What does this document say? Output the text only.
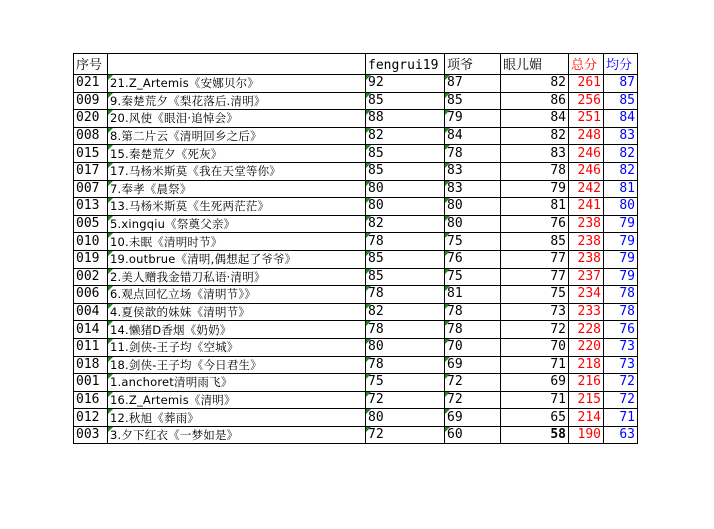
序号		fengrui19	项爷	眼儿媚	总分	均分
021	21.Z_Artemis《安娜贝尔》	92	87	82	261	87
009	9.秦楚荒夕《梨花落后.清明》	85	85	86	256	85
020	20.风使《眼泪·追悼会》	88	79	84	251	84
008	8.第二片云《清明回乡之后》	82	84	82	248	83
015	15.秦楚荒夕《死灰》	85	78	83	246	82
017	17.马杨米斯莫《我在天堂等你》	85	83	78	246	82
007	7.奉孝《晨祭》	80	83	79	242	81
013	13.马杨米斯莫《生死两茫茫》	80	80	81	241	80
005	5.xingqiu《祭奠父亲》	82	80	76	238	79
010	10.未眠《清明时节》	78	75	85	238	79
019	19.outbrue《清明,偶想起了爷爷》	85	76	77	238	79
002	2.美人赠我金错刀私语·清明》	85	75	77	237	79
006	6.观点回忆立场《清明节》》	78	81	75	234	78
004	4.夏侯歆的妹妹《清明节》	82	78	73	233	78
014	14.懒猪D香烟《奶奶》	78	78	72	228	76
011	11.剑侠-王子均《空城》	80	70	70	220	73
018	18.剑侠-王子均《今日君生》	78	69	71	218	73
001	1.anchoret清明雨飞》	75	72	69	216	72
016	16.Z_Artemis《清明》	72	72	71	215	72
012	12.秋旭《葬雨》	80	69	65	214	71
003	3.夕下红衣《一梦如是》	72	60	58	190	63
